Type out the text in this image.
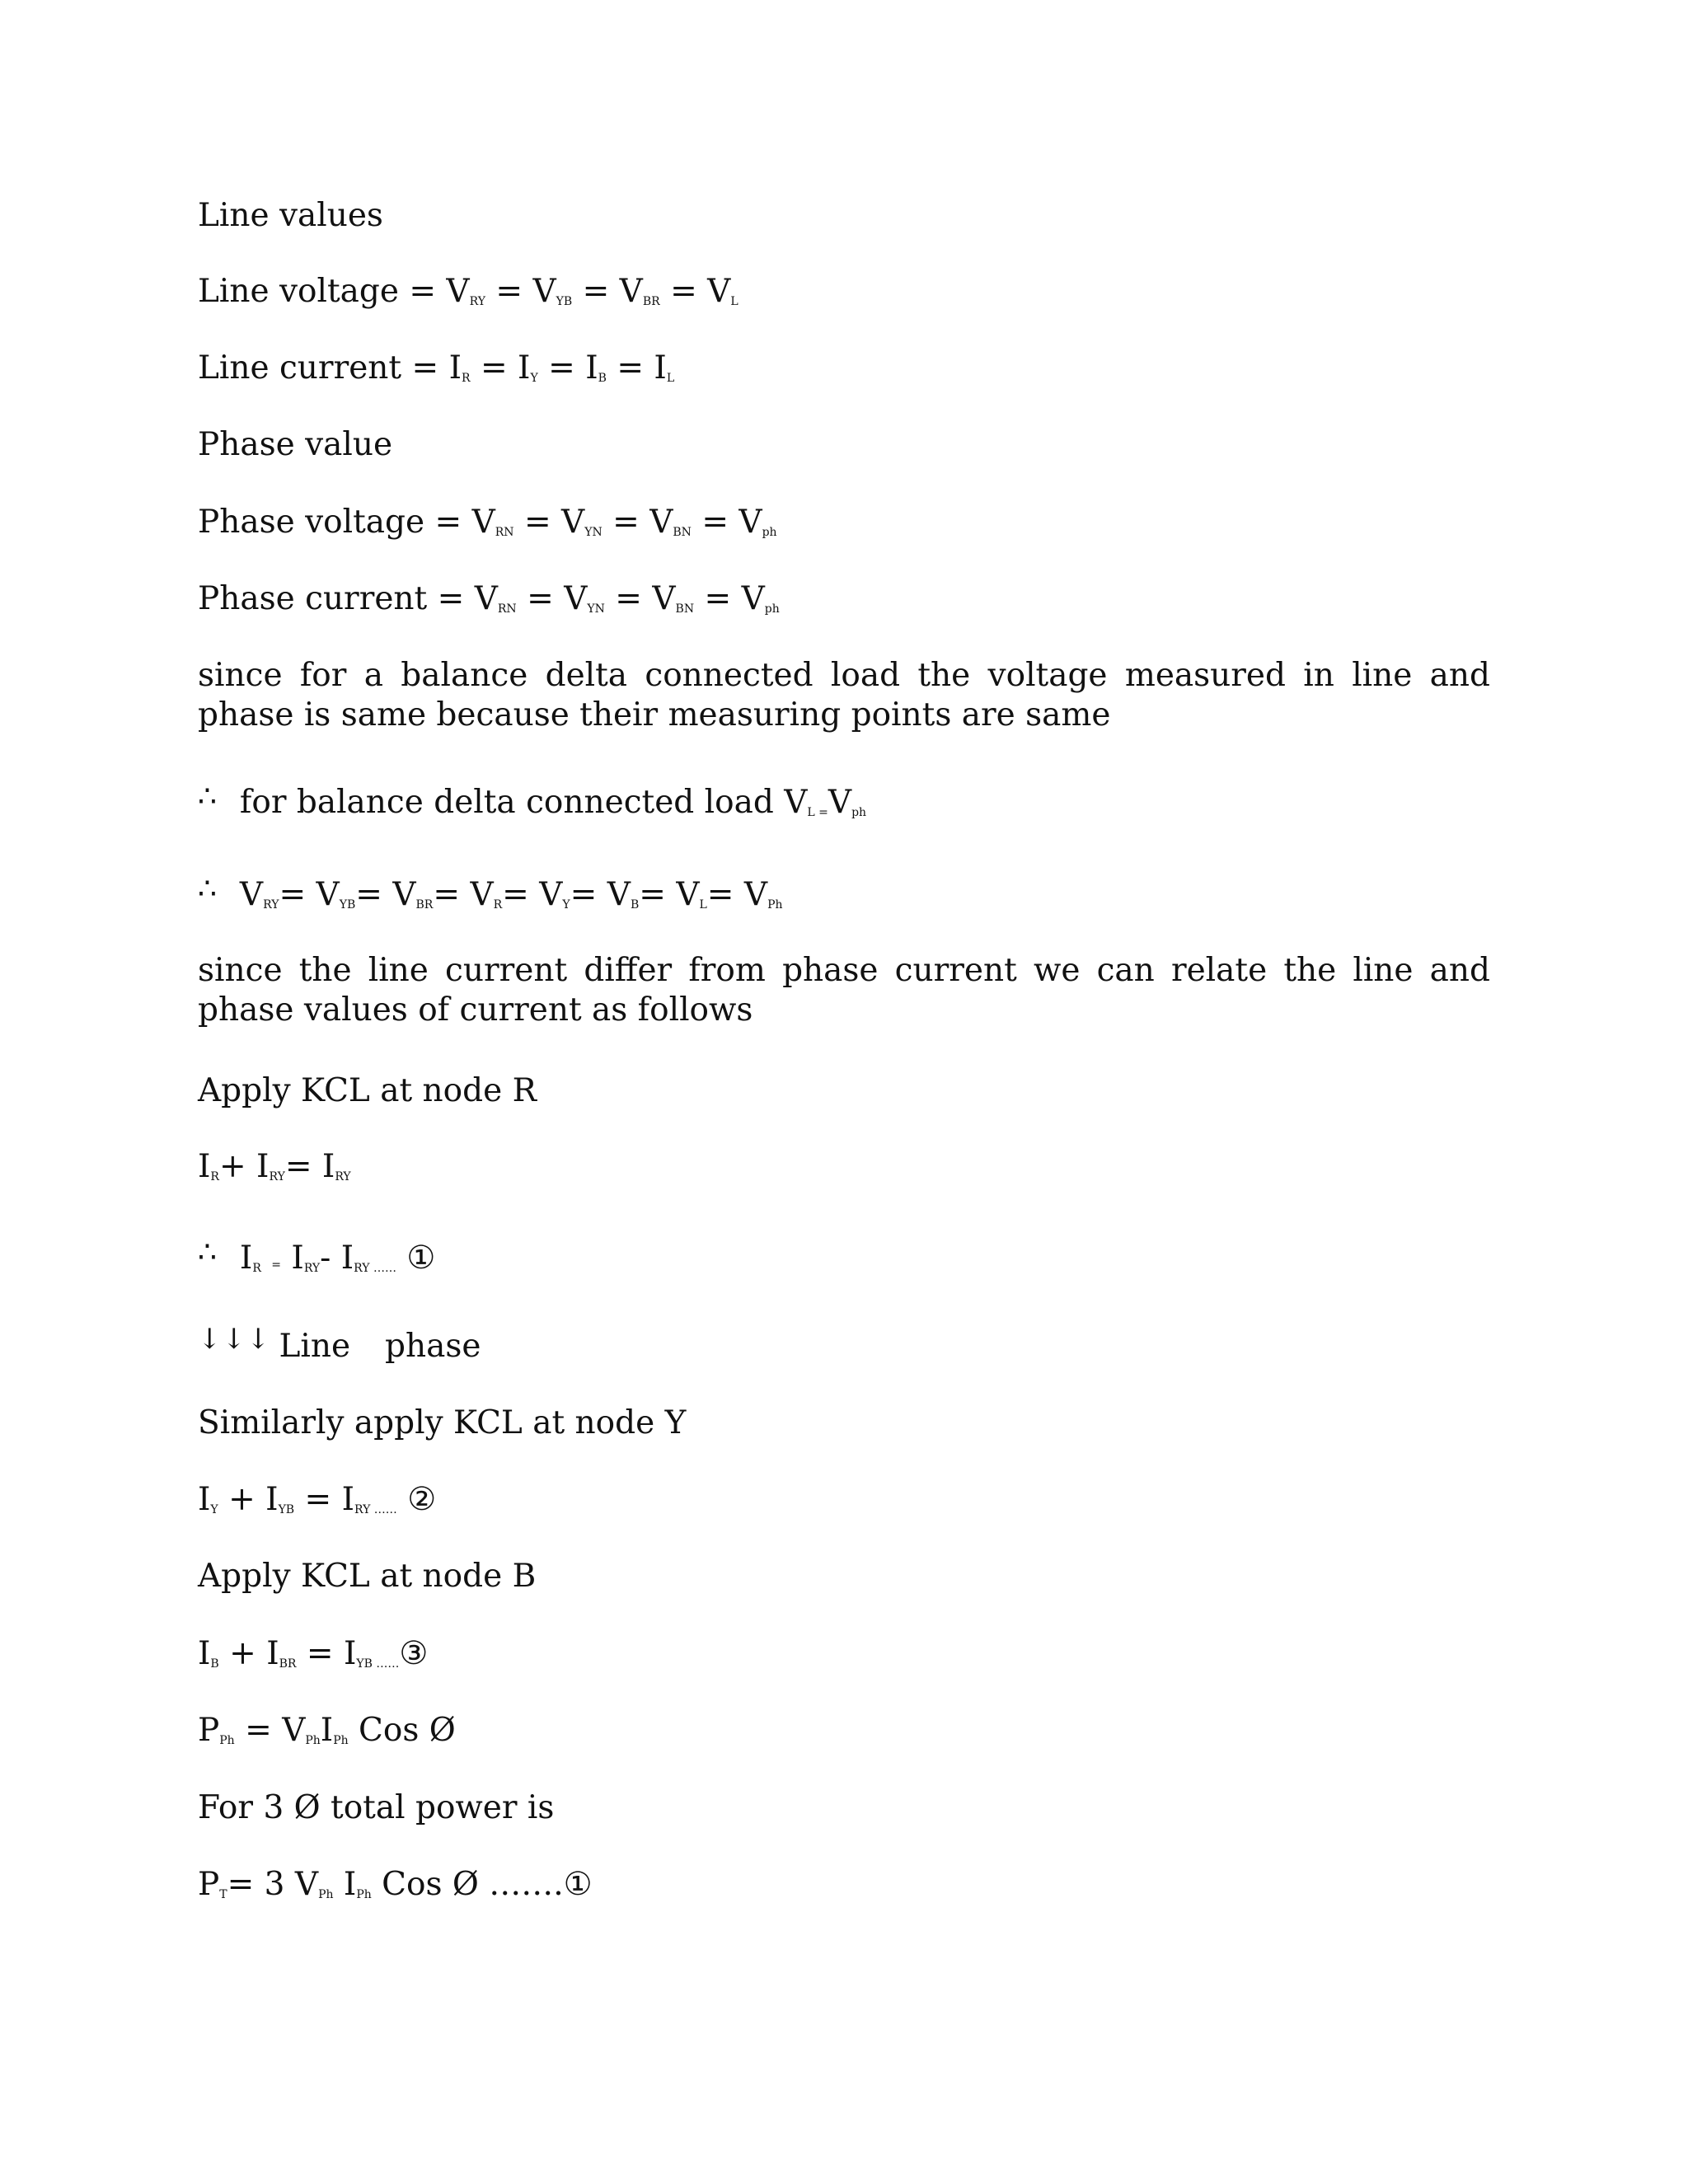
Line values
Line voltage = $V_{RY} = V_{YB} = V_{BR} = V_L$
Line current = $I_R = I_Y = I_B = I_L$
Phase value
Phase voltage = $V_{RN} = V_{YN} = V_{BN} = V_{ph}$
Phase current = $V_{RN} = V_{YN} = V_{BN} = V_{ph}$
since for a balance delta connected load the voltage measured in line and phase is same because their measuring points are same
∴ for balance delta connected load $V_{L =}V_{ph}$
∴ $V_{RY}= V_{YB}= V_{BR}= V_R= V_Y= V_B= V_L= V_{Ph}$
since the line current differ from phase current we can relate the line and phase values of current as follows
Apply KCL at node R
$I_R+ I_{RY}= I_{RY}$
∴ $I_R = I_{RY}-$ $I_{RY \dots\dots}$ ①
↓↓↓ Line phase
Similarly apply KCL at node Y
$I_Y + I_{YB} = I_{RY \dots\dots}$ ②
Apply KCL at node B
$I_B + I_{BR}$ = $I_{YB \dots\dots}③$
$P_{Ph} = V_{Ph}I_{Ph}$ Cos Ø
For 3 Ø total power is
$P_T= 3$ $V_{Ph}$ $I_{Ph}$ Cos Ø …….①
